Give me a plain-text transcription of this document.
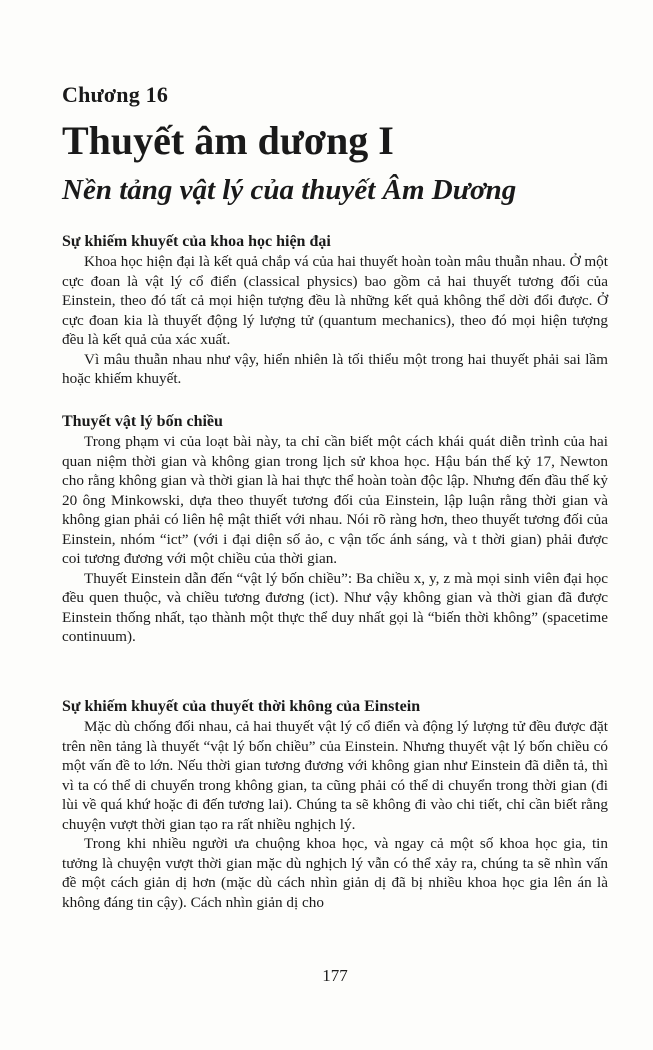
Chương 16
Thuyết âm dương I
Nền tảng vật lý của thuyết Âm Dương
Sự khiếm khuyết của khoa học hiện đại

Khoa học hiện đại là kết quả chắp vá của hai thuyết hoàn toàn mâu thuẫn nhau. Ở một cực đoan là vật lý cổ điển (classical physics) bao gồm cả hai thuyết tương đối của Einstein, theo đó tất cả mọi hiện tượng đều là những kết quả không thể dời đổi được. Ở cực đoan kia là thuyết động lý lượng tử (quantum mechanics), theo đó mọi hiện tượng đều là kết quả của xác xuất.

Vì mâu thuẫn nhau như vậy, hiển nhiên là tối thiểu một trong hai thuyết phải sai lầm hoặc khiếm khuyết.

Thuyết vật lý bốn chiều

Trong phạm vi của loạt bài này, ta chỉ cần biết một cách khái quát diễn trình của hai quan niệm thời gian và không gian trong lịch sử khoa học. Hậu bán thế kỷ 17, Newton cho rằng không gian và thời gian là hai thực thể hoàn toàn độc lập. Nhưng đến đầu thế kỷ 20 ông Minkowski, dựa theo thuyết tương đối của Einstein, lập luận rằng thời gian và không gian phải có liên hệ mật thiết với nhau. Nói rõ ràng hơn, theo thuyết tương đối của Einstein, nhóm “ict” (với i đại diện số ảo, c vận tốc ánh sáng, và t thời gian) phải được coi tương đương với một chiều của thời gian.

Thuyết Einstein dẫn đến “vật lý bốn chiều”: Ba chiều x, y, z mà mọi sinh viên đại học đều quen thuộc, và chiều tương đương (ict). Như vậy không gian và thời gian đã được Einstein thống nhất, tạo thành một thực thể duy nhất gọi là “biến thời không” (spacetime continuum).

Sự khiếm khuyết của thuyết thời không của Einstein

Mặc dù chống đối nhau, cả hai thuyết vật lý cổ điển và động lý lượng tử đều được đặt trên nền tảng là thuyết “vật lý bốn chiều” của Einstein. Nhưng thuyết vật lý bốn chiều có một vấn đề to lớn. Nếu thời gian tương đương với không gian như Einstein đã diễn tả, thì vì ta có thể di chuyển trong không gian, ta cũng phải có thể di chuyển trong thời gian (đi lùi về quá khứ hoặc đi đến tương lai). Chúng ta sẽ không đi vào chi tiết, chỉ cần biết rằng chuyện vượt thời gian tạo ra rất nhiều nghịch lý.

Trong khi nhiều người ưa chuộng khoa học, và ngay cả một số khoa học gia, tin tưởng là chuyện vượt thời gian mặc dù nghịch lý vẫn có thể xảy ra, chúng ta sẽ nhìn vấn đề một cách giản dị hơn (mặc dù cách nhìn giản dị đã bị nhiều khoa học gia lên án là không đáng tin cậy). Cách nhìn giản dị cho

177
